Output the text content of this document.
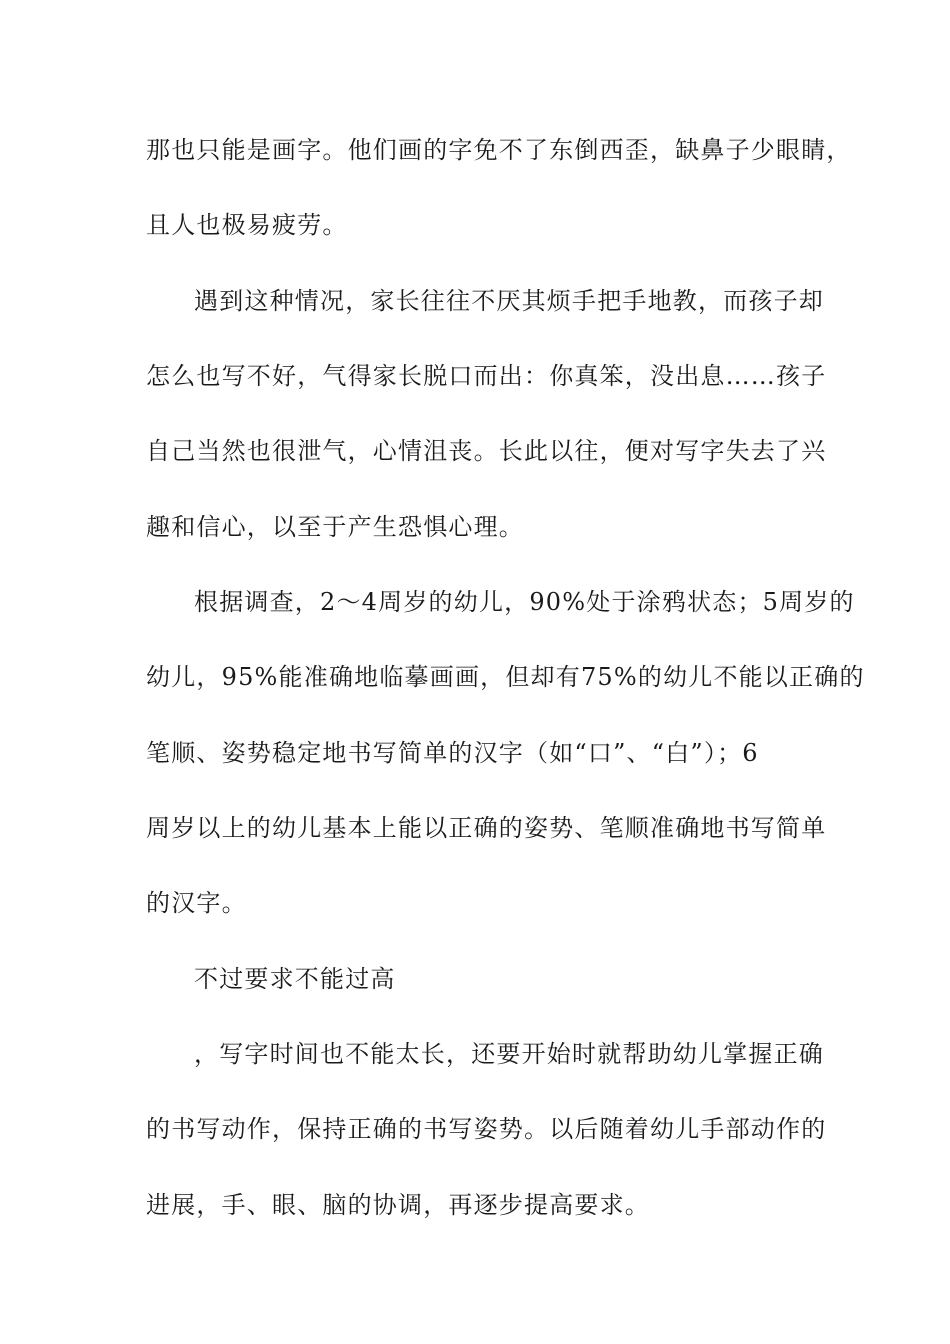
那也只能是画字。他们画的字免不了东倒西歪，缺鼻子少眼睛，
且人也极易疲劳。
遇到这种情况，家长往往不厌其烦手把手地教，而孩子却
怎么也写不好，气得家长脱口而出：你真笨，没出息……孩子
自己当然也很泄气，心情沮丧。长此以往，便对写字失去了兴
趣和信心，以至于产生恐惧心理。
根据调查，2～4周岁的幼儿，90%处于涂鸦状态；5周岁的
幼儿，95%能准确地临摹画画，但却有75%的幼儿不能以正确的
笔顺、姿势稳定地书写简单的汉字（如“口”、“白”）；6
周岁以上的幼儿基本上能以正确的姿势、笔顺准确地书写简单
的汉字。
不过要求不能过高
，写字时间也不能太长，还要开始时就帮助幼儿掌握正确
的书写动作，保持正确的书写姿势。以后随着幼儿手部动作的
进展，手、眼、脑的协调，再逐步提高要求。
